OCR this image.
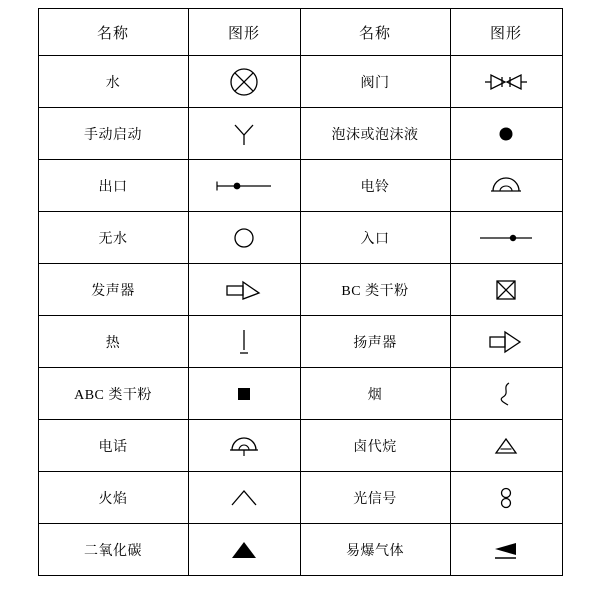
名称	图形	名称	图形
水		阀门	

手动启动		泡沫或泡沫液	

出口		电铃	

无水		入口	

发声器		BC 类干粉	

热		扬声器	

ABC 类干粉		烟	

电话		卤代烷	

火焰		光信号	

二氧化碳		易爆气体	
